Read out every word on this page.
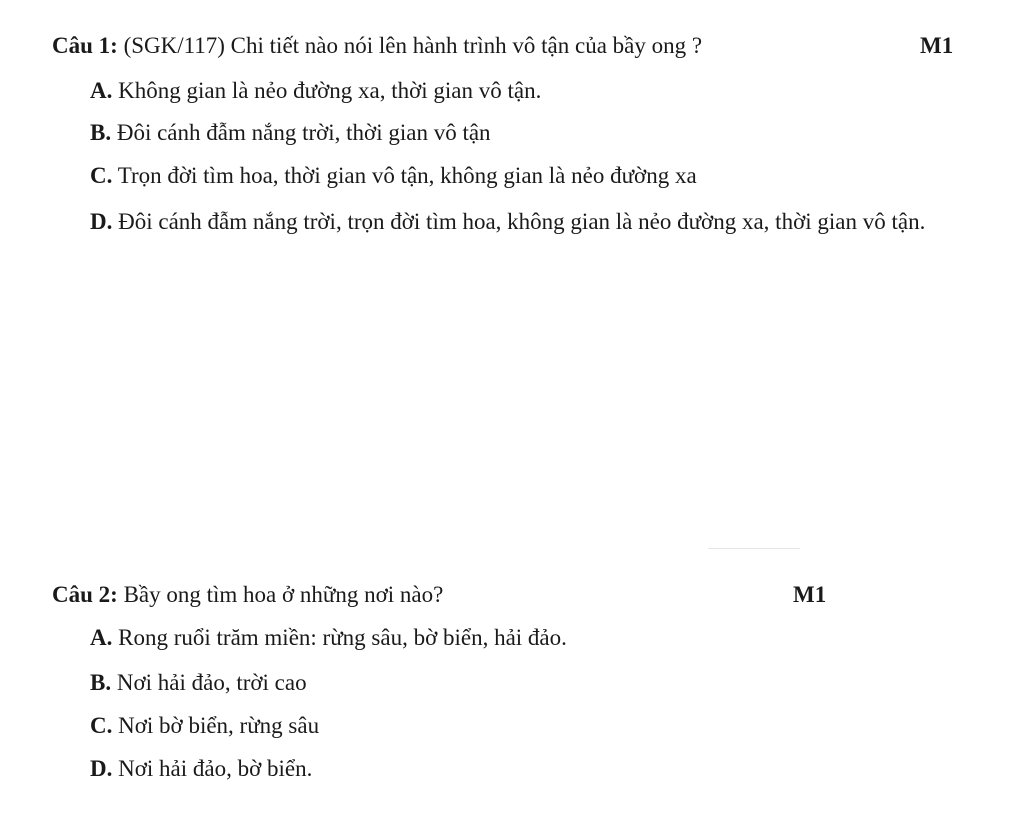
Câu 1: (SGK/117) Chi tiết nào nói lên hành trình vô tận của bầy ong ?	M1
A. Không gian là nẻo đường xa, thời gian vô tận.
B. Đôi cánh đẫm nắng trời, thời gian vô tận
C. Trọn đời tìm hoa, thời gian vô tận, không gian là nẻo đường xa
D. Đôi cánh đẫm nắng trời, trọn đời tìm hoa, không gian là nẻo đường xa, thời gian vô tận.
Câu 2: Bầy ong tìm hoa ở những nơi nào?	M1
A. Rong ruổi trăm miền: rừng sâu, bờ biển, hải đảo.
B. Nơi hải đảo, trời cao
C. Nơi bờ biển, rừng sâu
D. Nơi hải đảo, bờ biển.
